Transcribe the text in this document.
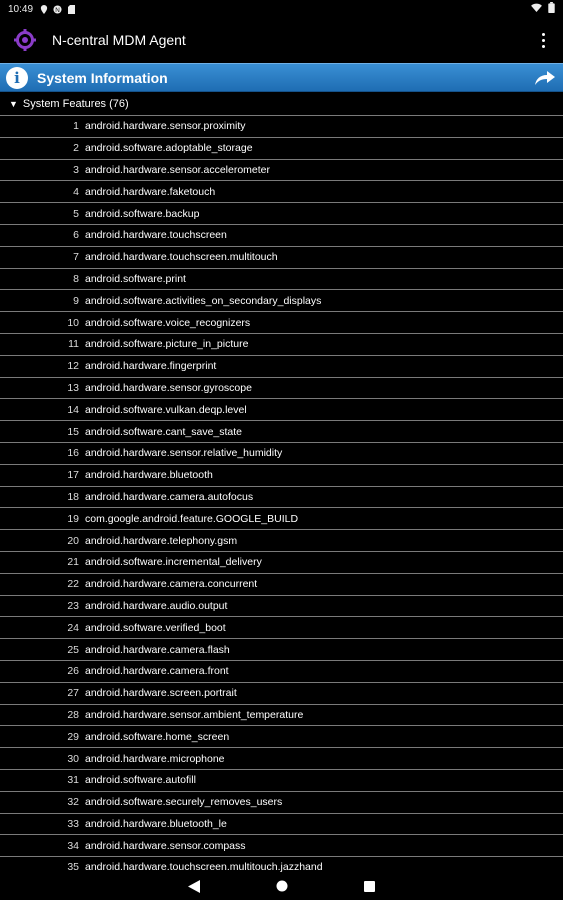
10:49	N
N-central MDM Agent
i	System Information
▼ System Features (76)
1 android.hardware.sensor.proximity
2 android.software.adoptable_storage
3 android.hardware.sensor.accelerometer
4 android.hardware.faketouch
5 android.software.backup
6 android.hardware.touchscreen
7 android.hardware.touchscreen.multitouch
8 android.software.print
9 android.software.activities_on_secondary_displays
10 android.software.voice_recognizers
11 android.software.picture_in_picture
12 android.hardware.fingerprint
13 android.hardware.sensor.gyroscope
14 android.software.vulkan.deqp.level
15 android.software.cant_save_state
16 android.hardware.sensor.relative_humidity
17 android.hardware.bluetooth
18 android.hardware.camera.autofocus
19 com.google.android.feature.GOOGLE_BUILD
20 android.hardware.telephony.gsm
21 android.software.incremental_delivery
22 android.hardware.camera.concurrent
23 android.hardware.audio.output
24 android.software.verified_boot
25 android.hardware.camera.flash
26 android.hardware.camera.front
27 android.hardware.screen.portrait
28 android.hardware.sensor.ambient_temperature
29 android.software.home_screen
30 android.hardware.microphone
31 android.software.autofill
32 android.software.securely_removes_users
33 android.hardware.bluetooth_le
34 android.hardware.sensor.compass
35 android.hardware.touchscreen.multitouch.jazzhand
